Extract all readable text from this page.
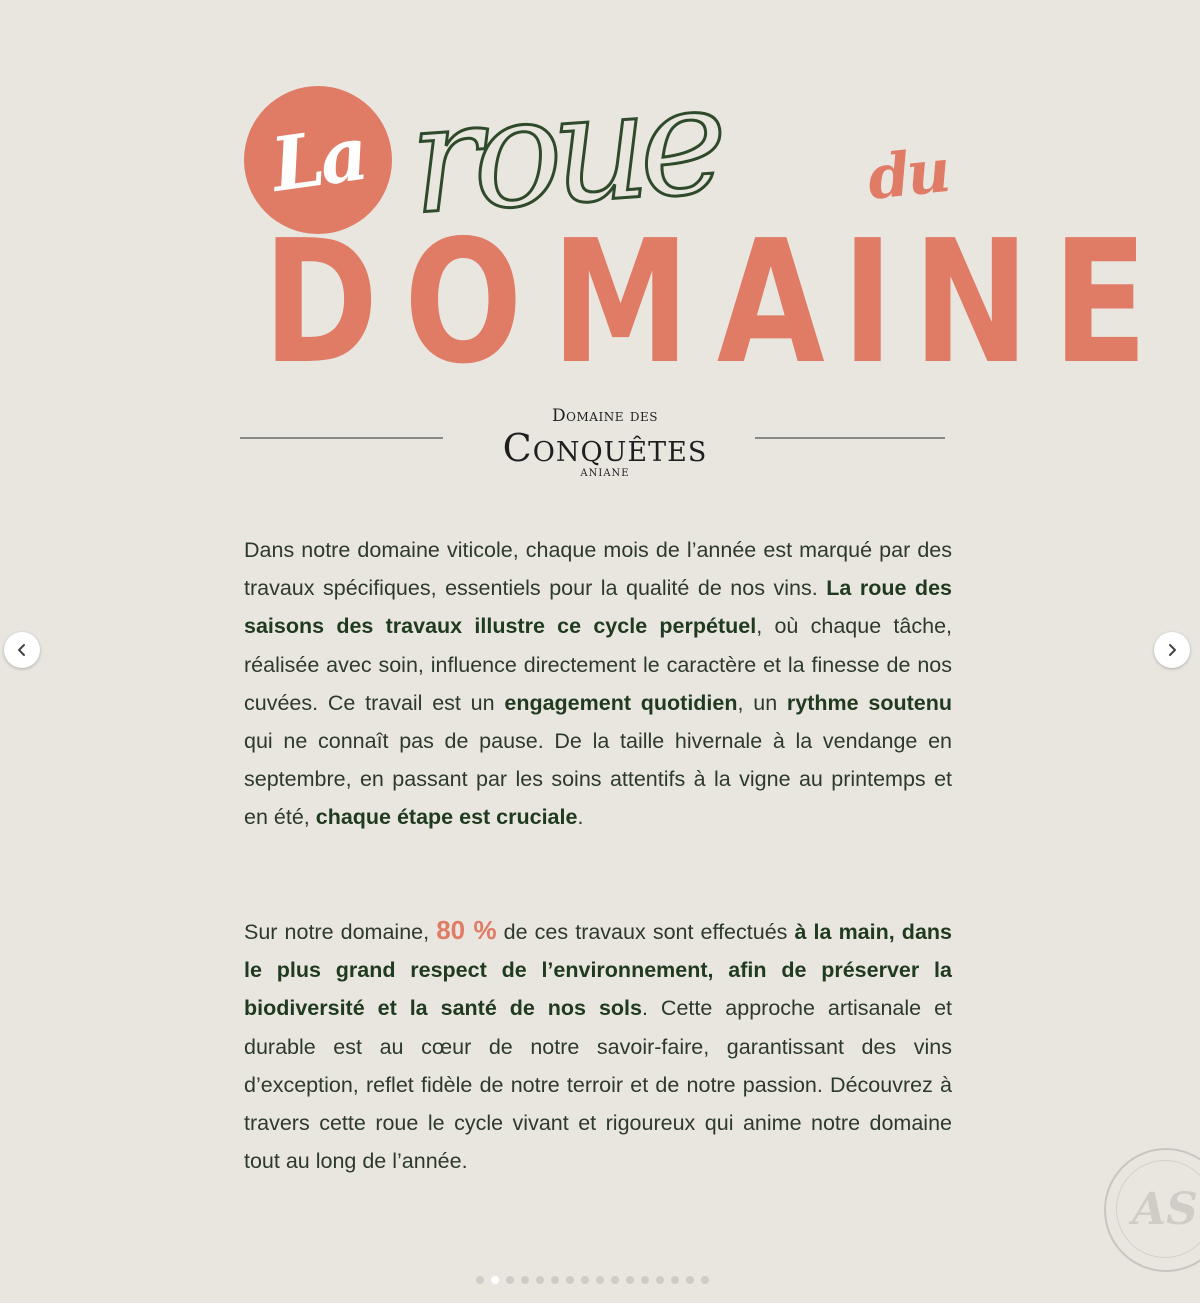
La roue	du
D O M A I N E
Domaine des
Conquêtes
ANIANE

Dans notre domaine viticole, chaque mois de l’année est marqué par des travaux spécifiques, essentiels pour la qualité de nos vins. La roue des saisons des travaux illustre ce cycle perpétuel, où chaque tâche, réalisée avec soin, influence directement le caractère et la finesse de nos cuvées. Ce travail est un engagement quotidien, un rythme soutenu qui ne connaît pas de pause. De la taille hivernale à la vendange en septembre, en passant par les soins attentifs à la vigne au printemps et en été, chaque étape est cruciale.

Sur notre domaine, 80 % de ces travaux sont effectués à la main, dans le plus grand respect de l’environnement, afin de préserver la biodiversité et la santé de nos sols. Cette approche artisanale et durable est au cœur de notre savoir-faire, garantissant des vins d’exception, reflet fidèle de notre terroir et de notre passion. Découvrez à travers cette roue le cycle vivant et rigoureux qui anime notre domaine tout au long de l’année.

AS
